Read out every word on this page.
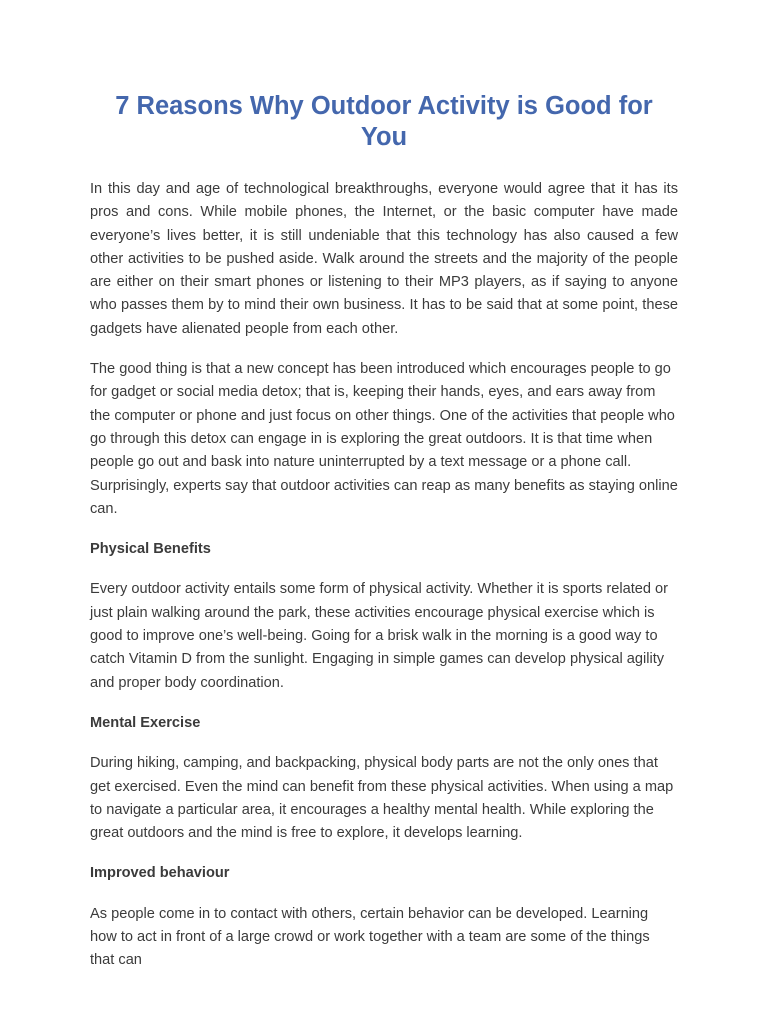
7 Reasons Why Outdoor Activity is Good for You

In this day and age of technological breakthroughs, everyone would agree that it has its pros and cons. While mobile phones, the Internet, or the basic computer have made everyone’s lives better, it is still undeniable that this technology has also caused a few other activities to be pushed aside. Walk around the streets and the majority of the people are either on their smart phones or listening to their MP3 players, as if saying to anyone who passes them by to mind their own business. It has to be said that at some point, these gadgets have alienated people from each other.

The good thing is that a new concept has been introduced which encourages people to go for gadget or social media detox; that is, keeping their hands, eyes, and ears away from the computer or phone and just focus on other things. One of the activities that people who go through this detox can engage in is exploring the great outdoors. It is that time when people go out and bask into nature uninterrupted by a text message or a phone call. Surprisingly, experts say that outdoor activities can reap as many benefits as staying online can.

Physical Benefits

Every outdoor activity entails some form of physical activity. Whether it is sports related or just plain walking around the park, these activities encourage physical exercise which is good to improve one’s well-being. Going for a brisk walk in the morning is a good way to catch Vitamin D from the sunlight. Engaging in simple games can develop physical agility and proper body coordination.

Mental Exercise

During hiking, camping, and backpacking, physical body parts are not the only ones that get exercised. Even the mind can benefit from these physical activities. When using a map to navigate a particular area, it encourages a healthy mental health. While exploring the great outdoors and the mind is free to explore, it develops learning.

Improved behaviour

As people come in to contact with others, certain behavior can be developed. Learning how to act in front of a large crowd or work together with a team are some of the things that can
